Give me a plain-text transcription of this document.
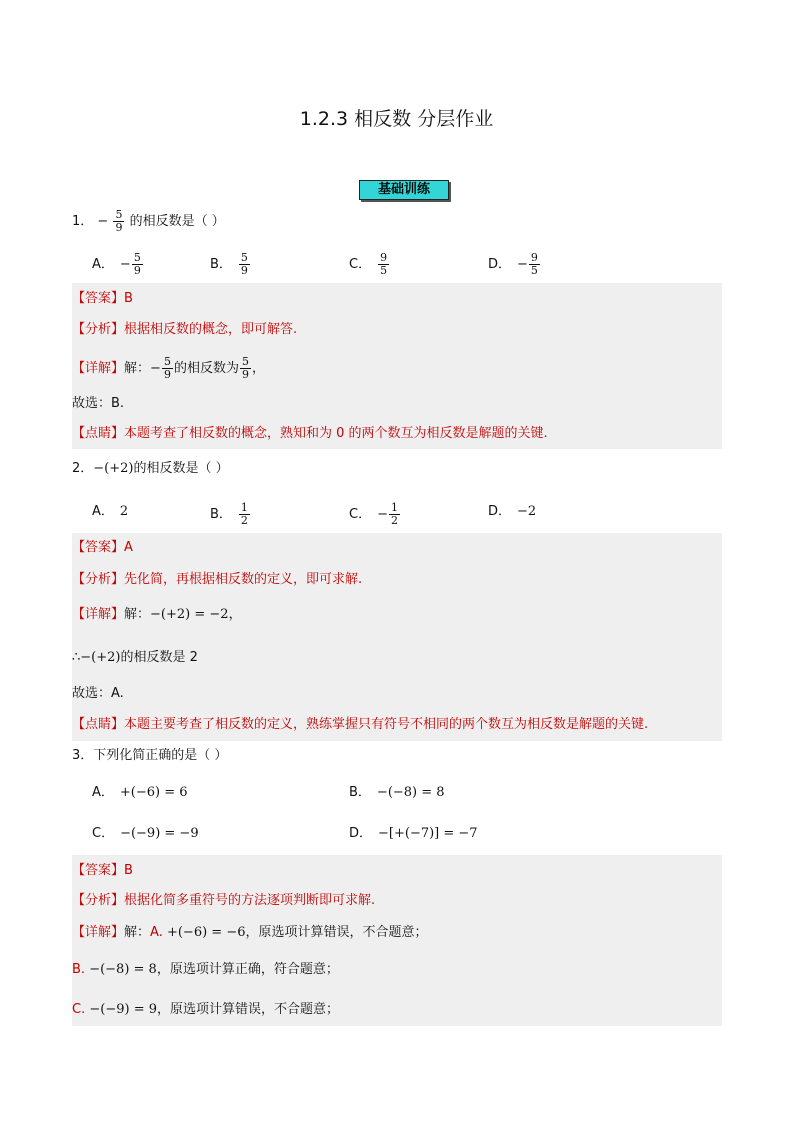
1.2.3 相反数 分层作业
基础训练
1． − $\frac{5}{9}$ 的相反数是（ ）
A． − $\frac{5}{9}$	B． $\frac{5}{9}$	C． $\frac{9}{5}$	D． − $\frac{9}{5}$
【答案】B
【分析】根据相反数的概念，即可解答.
【详解】解：− $\frac{5}{9}$ 的相反数为 $\frac{5}{9}$ ，
故选：B.
【点睛】本题考查了相反数的概念，熟知和为 0 的两个数互为相反数是解题的关键.
2．−(+2)的相反数是（ ）
A． 2	B． $\frac{1}{2}$	C． − $\frac{1}{2}$	D． −2
【答案】A
【分析】先化简，再根据相反数的定义，即可求解.
【详解】解：−(+2) = −2，
∴−(+2)的相反数是 2
故选：A.
【点睛】本题主要考查了相反数的定义，熟练掌握只有符号不相同的两个数互为相反数是解题的关键.
3．下列化简正确的是（ ）
A． +(−6) = 6	B． −(−8) = 8
C． −(−9) = −9	D． −[+(−7)] = −7
【答案】B
【分析】根据化简多重符号的方法逐项判断即可求解.
【详解】解：A. +(−6) = −6，原选项计算错误，不合题意；
B. −(−8) = 8，原选项计算正确，符合题意；
C. −(−9) = 9，原选项计算错误，不合题意；
